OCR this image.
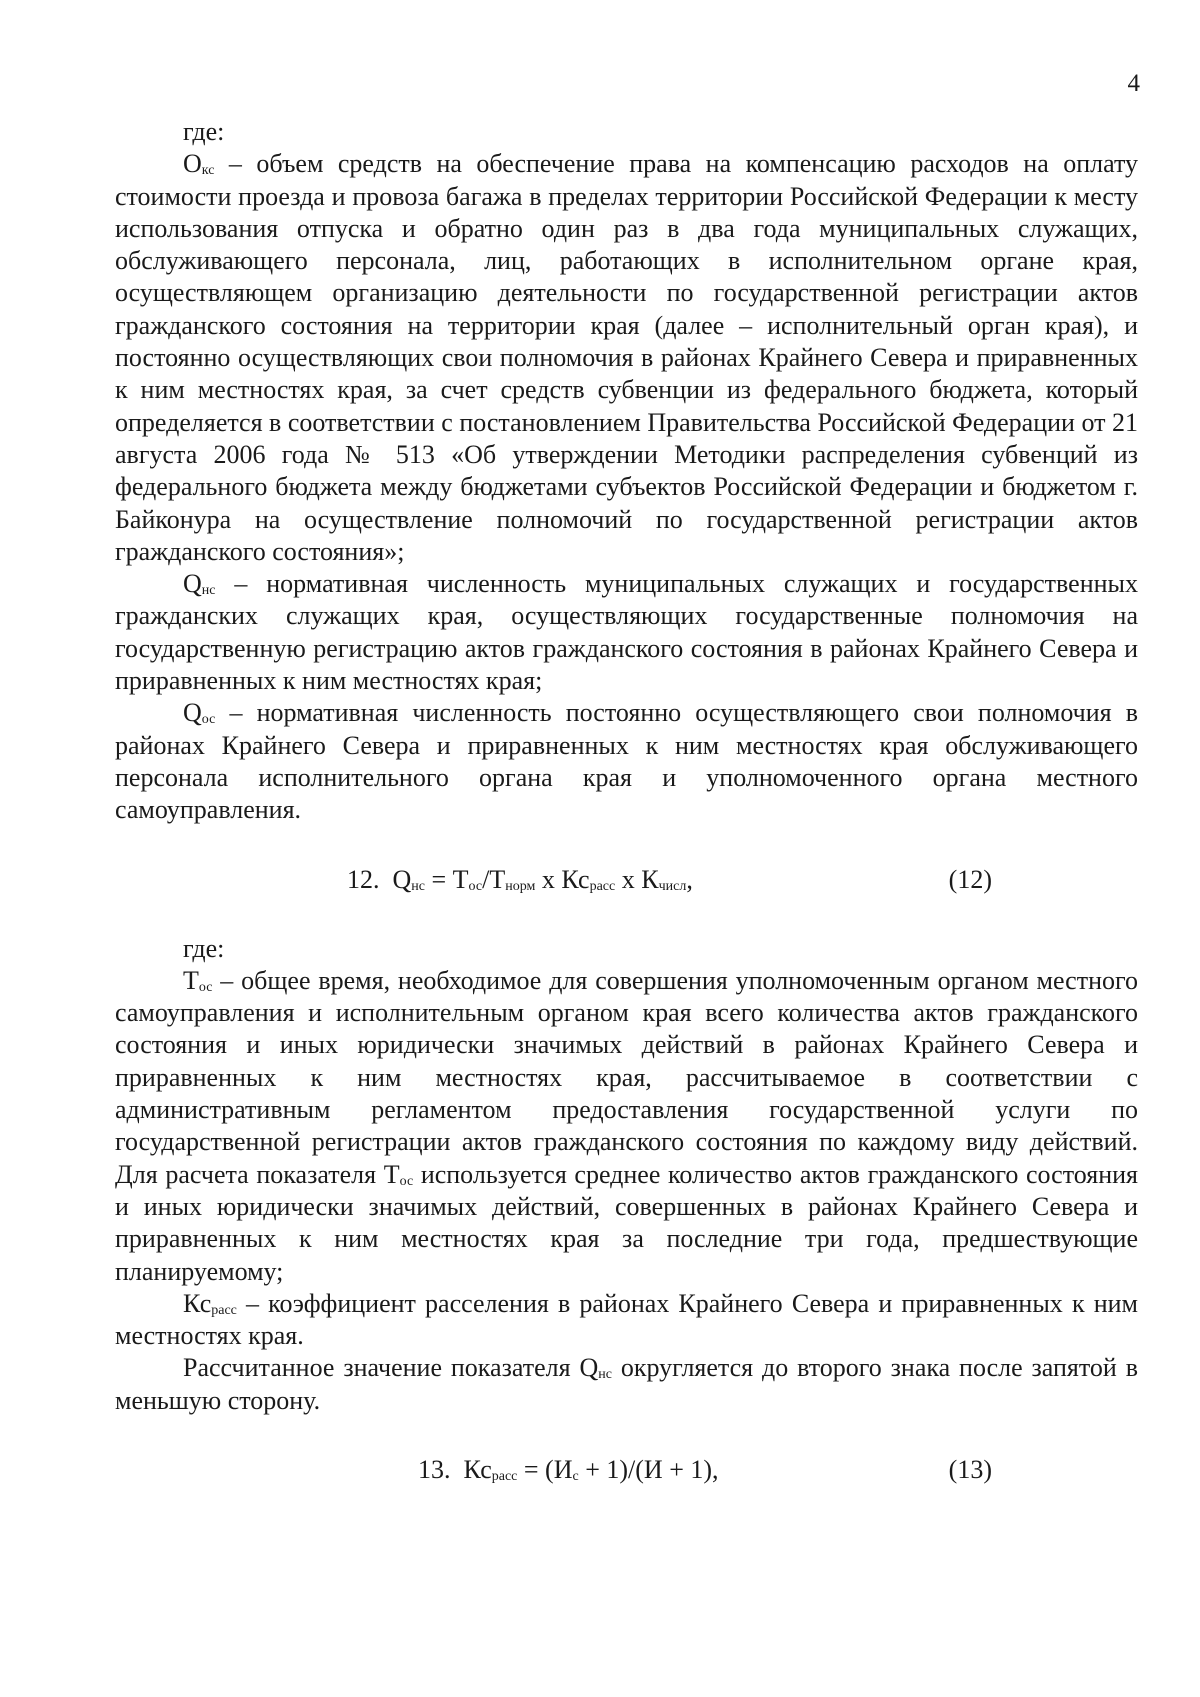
4

где:

$О_{кс}$ – объем средств на обеспечение права на компенсацию расходов на оплату стоимости проезда и провоза багажа в пределах территории Российской Федерации к месту использования отпуска и обратно один раз в два года муниципальных служащих, обслуживающего персонала, лиц, работающих в исполнительном органе края, осуществляющем организацию деятельности по государственной регистрации актов гражданского состояния на территории края (далее – исполнительный орган края), и постоянно осуществляющих свои полномочия в районах Крайнего Севера и приравненных к ним местностях края, за счет средств субвенции из федерального бюджета, который определяется в соответствии с постановлением Правительства Российской Федерации от 21 августа 2006 года № 513 «Об утверждении Методики распределения субвенций из федерального бюджета между бюджетами субъектов Российской Федерации и бюджетом г. Байконура на осуществление полномочий по государственной регистрации актов гражданского состояния»;

$Q_{нс}$ – нормативная численность муниципальных служащих и государственных гражданских служащих края, осуществляющих государственные полномочия на государственную регистрацию актов гражданского состояния в районах Крайнего Севера и приравненных к ним местностях края;

$Q_{ос}$ – нормативная численность постоянно осуществляющего свои полномочия в районах Крайнего Севера и приравненных к ним местностях края обслуживающего персонала исполнительного органа края и уполномоченного органа местного самоуправления.

12. $Q_{нс} = Т_{ос}/Т_{норм}$ x $Кс_{расс}$ x $К_{числ}$,	(12)

где:

$Т_{ос}$ – общее время, необходимое для совершения уполномоченным органом местного самоуправления и исполнительным органом края всего количества актов гражданского состояния и иных юридически значимых действий в районах Крайнего Севера и приравненных к ним местностях края, рассчитываемое в соответствии с административным регламентом предоставления государственной услуги по государственной регистрации актов гражданского состояния по каждому виду действий. Для расчета показателя $Т_{ос}$ используется среднее количество актов гражданского состояния и иных юридически значимых действий, совершенных в районах Крайнего Севера и приравненных к ним местностях края за последние три года, предшествующие планируемому;

$Кс_{расс}$ – коэффициент расселения в районах Крайнего Севера и приравненных к ним местностях края.

Рассчитанное значение показателя $Q_{нс}$ округляется до второго знака после запятой в меньшую сторону.

13. $Кс_{расс} = (И_с + 1)/(И + 1)$,	(13)
